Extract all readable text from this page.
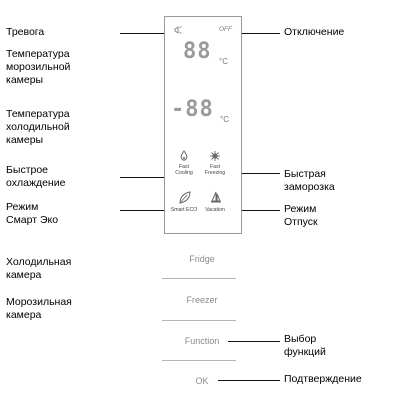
Тревога
Температура
морозильной
камеры
Температура
холодильной
камеры
Быстрое
охлаждение
Режим
Смарт Эко
Холодильная
камера
Морозильная
камера
Отключение
Быстрая
заморозка
Режим
Отпуск
Выбор
функций
Подтверждение
OFF
88 °C
-88 °C
Fast
Cooling
Fast
Freezing
Smart ECO	Vacation
Fridge
Freezer
Function
OK
